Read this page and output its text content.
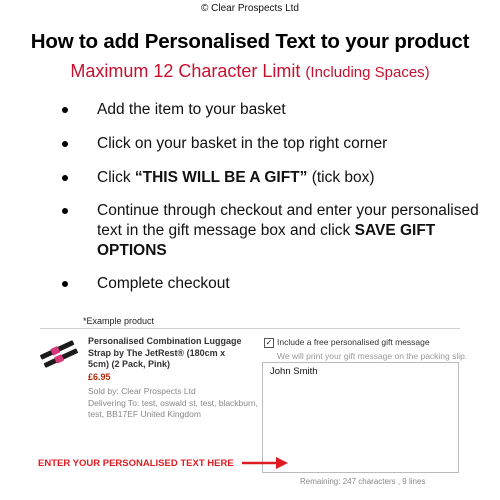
© Clear Prospects Ltd
How to add Personalised Text to your product
Maximum 12 Character Limit (Including Spaces)
Add the item to your basket
Click on your basket in the top right corner
Click “THIS WILL BE A GIFT” (tick box)
Continue through checkout and enter your personalised text in the gift message box and click SAVE GIFT OPTIONS
Complete checkout
*Example product
Personalised Combination Luggage Strap by The JetRest® (180cm x 5cm) (2 Pack, Pink)
£6.95
Sold by: Clear Prospects Ltd
Delivering To: test, oswald st, test, blackburn, test, BB17EF United Kingdom
✓ Include a free personalised gift message
We will print your gift message on the packing slip.
John Smith
Remaining: 247 characters , 9 lines
ENTER YOUR PERSONALISED TEXT HERE
